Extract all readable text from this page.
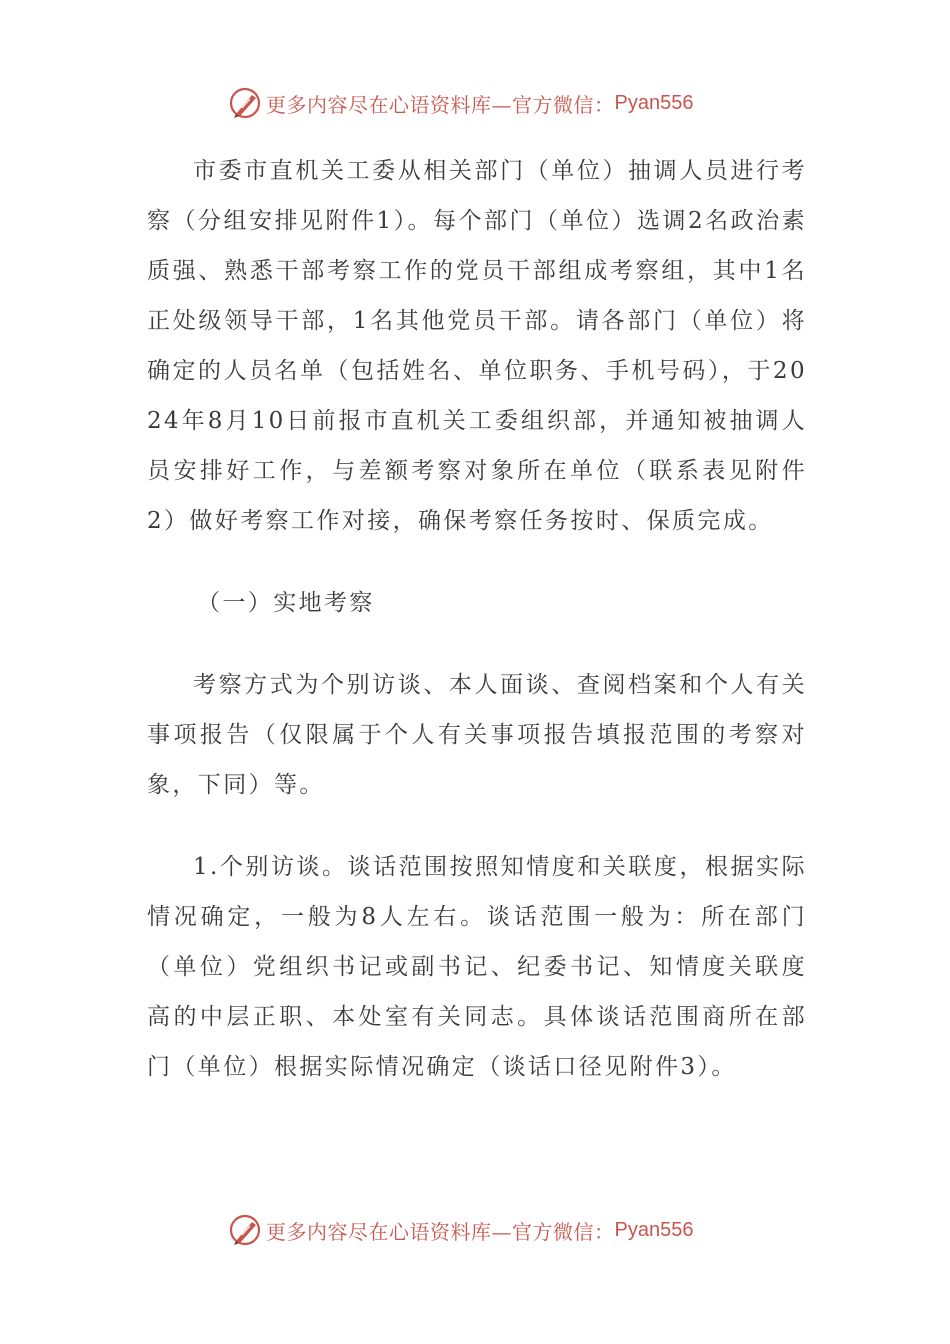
更多内容尽在心语资料库—官方微信： Pyan556

市委市直机关工委从相关部门（单位）抽调人员进行考察（分组安排见附件1）。每个部门（单位）选调2名政治素质强、熟悉干部考察工作的党员干部组成考察组，其中1名正处级领导干部，1名其他党员干部。请各部门（单位）将确定的人员名单（包括姓名、单位职务、手机号码），于2024年8月10日前报市直机关工委组织部，并通知被抽调人员安排好工作，与差额考察对象所在单位（联系表见附件2）做好考察工作对接，确保考察任务按时、保质完成。

（一）实地考察

考察方式为个别访谈、本人面谈、查阅档案和个人有关事项报告（仅限属于个人有关事项报告填报范围的考察对象，下同）等。

1.个别访谈。谈话范围按照知情度和关联度，根据实际情况确定，一般为8人左右。谈话范围一般为：所在部门（单位）党组织书记或副书记、纪委书记、知情度关联度高的中层正职、本处室有关同志。具体谈话范围商所在部门（单位）根据实际情况确定（谈话口径见附件3）。

更多内容尽在心语资料库—官方微信： Pyan556
